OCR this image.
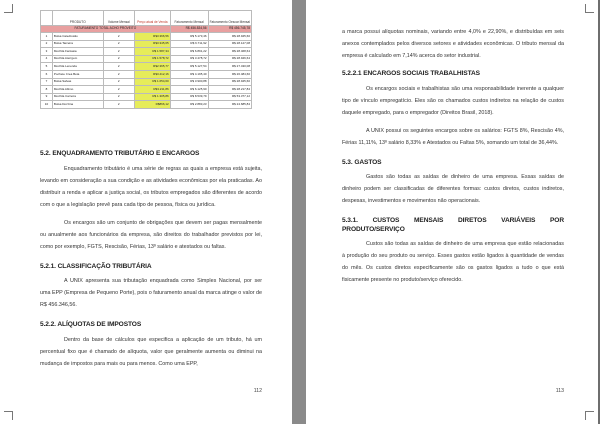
	PRODUTO	Volume Mensal	Preço atual de Venda	Faturamento Mensal	Faturamento Oescar Mensal
FATURAMENTO TOTAL ACHO PROVEITO				R$ 456.834,56	R$ 456.745,78
1	Bolsa Catedrosão	2	R$3.366,56	R$ 5.173,46	R$ 28.945,60
2	Bolsa Tarceira	2	R$3.345,65	R$ 6.711,92	R$ 28.127,08
3	Mochila Fantasia	2	R$ 1.587,34	R$ 6.891,22	R$ 28.468,64
4	Mochila Aterrgem	2	R$ 1.578,72	R$ 3.478,72	R$ 28.946,64
5	Mochila Lenenda	2	R$2.365,77	R$ 5.127,54	R$ 27.430,08
6	Pochete Crea Beta	2	R$3.412,16	R$ 4.195,40	R$ 26.484,60
7	Bolsa Salvas	2	R$ 1.654,60	R$ 3.900,88	R$ 28.945,60
8	Mochila Altimo	2	R$3.211,86	R$ 6.125,90	R$ 28.217,84
9	Mochila Carreira	2	R$ 1.305,86	R$ 8.539,79	R$ 53.377,12
10	Bolsa Dozzina	2	R$866,12	R$ 2.883,23	R$ 24.685,84

5.2. ENQUADRAMENTO TRIBUTÁRIO E ENCARGOS

Enquadramento tributário é uma série de regras as quais a empresa está sujeita, levando em consideração a sua condição e as atividades econômicas por ela praticadas. Ao distribuir a renda e aplicar a justiça social, os tributos empregados são diferentes de acordo com o que a legislação prevê para cada tipo de pessoa, física ou jurídica.

Os encargos são um conjunto de obrigações que devem ser pagas mensalmente ou anualmente aos funcionários da empresa, são direitos do trabalhador previstos por lei, como por exemplo, FGTS, Rescisão, Férias, 13º salário e atestados ou faltas.

5.2.1. CLASSIFICAÇÃO TRIBUTÁRIA

A UNIX apresenta sua tributação enquadrada como Simples Nacional, por ser uma EPP (Empresa de Pequeno Porte), pois o faturamento anual da marca atinge o valor de R$ 456.346,56.

5.2.2. ALÍQUOTAS DE IMPOSTOS

Dentro da base de cálculos que especifica a aplicação de um tributo, há um percentual fixo que é chamado de alíquota, valor que geralmente aumenta ou diminui na mudança de impostos para mais ou para menos. Como uma EPP,

112

a marca possui alíquotas nominais, variando entre 4,0% e 22,90%, e distribuídas em seis anexos contemplados pelos diversos setores e atividades econômicas. O tributo mensal da empresa é calculado em 7,14% acerca do setor industrial.

5.2.2.1 ENCARGOS SOCIAIS TRABALHISTAS

Os encargos sociais e trabalhistas são uma responsabilidade inerente a qualquer tipo de vínculo empregatício. Eles são os chamados custos indiretos na relação de custos daquele empregado, para o empregador (Direitos Brasil, 2018).

A UNIX possui os seguintes encargos sobre os salários: FGTS 8%, Rescisão 4%, Férias 11,11%, 13º salário 8,33% e Atestados ou Faltas 5%, somando um total de 36,44%.

5.3. GASTOS

Gastos são todas as saídas de dinheiro de uma empresa. Essas saídas de dinheiro podem ser classificadas de diferentes formas: custos diretos, custos indiretos, despesas, investimentos e movimentos não operacionais.

5.3.1. CUSTOS MENSAIS DIRETOS VARIÁVEIS POR PRODUTO/SERVIÇO

Custos são todas as saídas de dinheiro de uma empresa que estão relacionadas à produção do seu produto ou serviço. Esses gastos estão ligados à quantidade de vendas do mês. Os custos diretos especificamente são os gastos ligados a tudo o que está fisicamente presente no produto/serviço oferecido.

113
